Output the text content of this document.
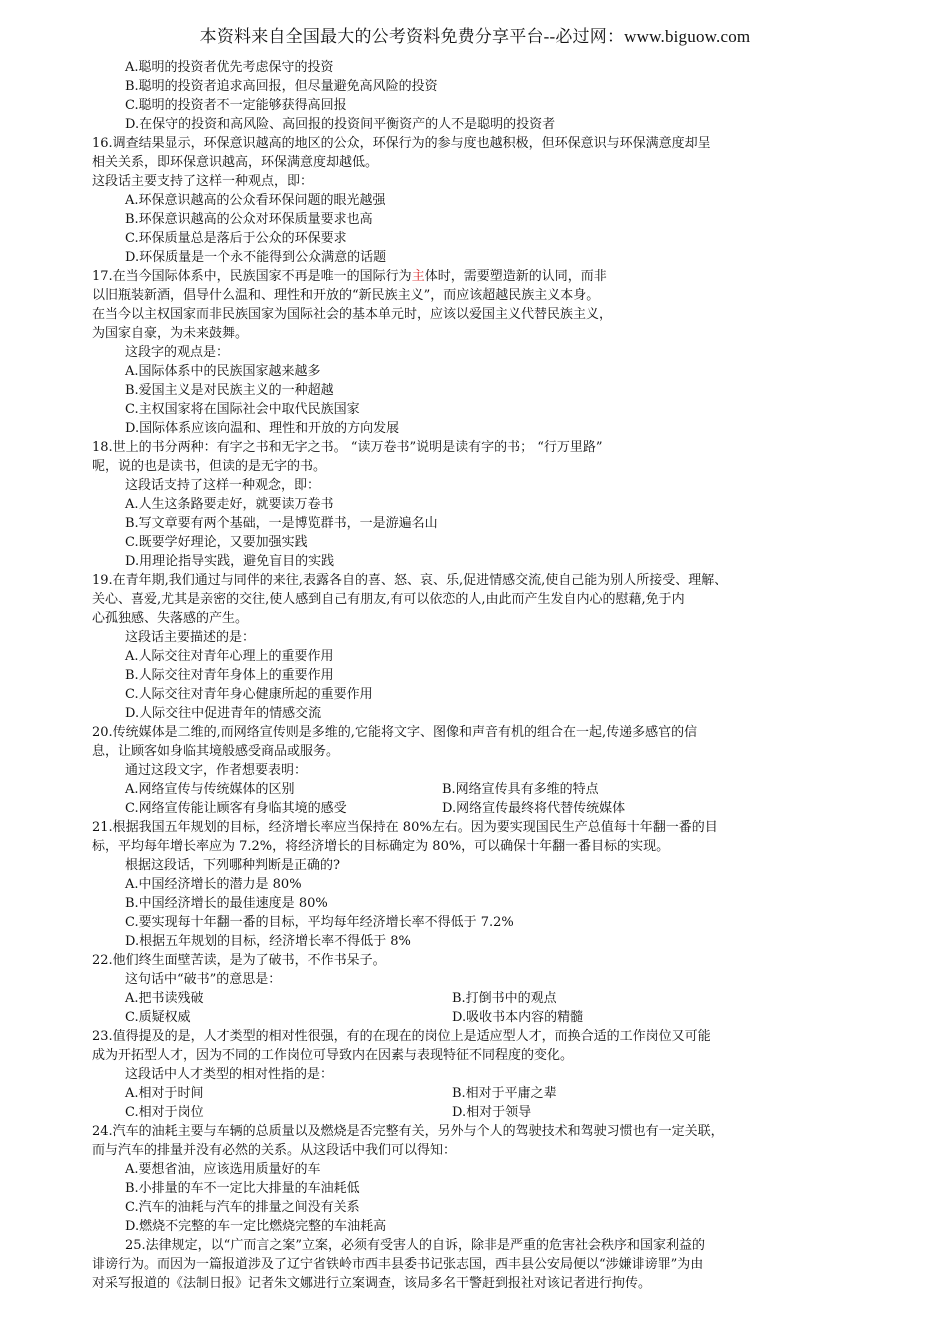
本资料来自全国最大的公考资料免费分享平台--必过网：www.biguow.com
A.聪明的投资者优先考虑保守的投资
B.聪明的投资者追求高回报，但尽量避免高风险的投资
C.聪明的投资者不一定能够获得高回报
D.在保守的投资和高风险、高回报的投资间平衡资产的人不是聪明的投资者
16.调查结果显示，环保意识越高的地区的公众，环保行为的参与度也越积极，但环保意识与环保满意度却呈
相关关系，即环保意识越高，环保满意度却越低。
这段话主要支持了这样一种观点，即：
A.环保意识越高的公众看环保问题的眼光越强
B.环保意识越高的公众对环保质量要求也高
C.环保质量总是落后于公众的环保要求
D.环保质量是一个永不能得到公众满意的话题
17.在当今国际体系中，民族国家不再是唯一的国际行为主体时，需要塑造新的认同，而非
以旧瓶装新酒，倡导什么温和、理性和开放的“新民族主义”，而应该超越民族主义本身。
在当今以主权国家而非民族国家为国际社会的基本单元时，应该以爱国主义代替民族主义，
为国家自豪，为未来鼓舞。
这段字的观点是：
A.国际体系中的民族国家越来越多
B.爱国主义是对民族主义的一种超越
C.主权国家将在国际社会中取代民族国家
D.国际体系应该向温和、理性和开放的方向发展
18.世上的书分两种：有字之书和无字之书。 “读万卷书”说明是读有字的书； “行万里路”
呢，说的也是读书，但读的是无字的书。
这段话支持了这样一种观念，即：
A.人生这条路要走好，就要读万卷书
B.写文章要有两个基础，一是博览群书，一是游遍名山
C.既要学好理论，又要加强实践
D.用理论指导实践，避免盲目的实践
19.在青年期,我们通过与同伴的来往,表露各自的喜、怒、哀、乐,促进情感交流,使自己能为别人所接受、理解、
关心、喜爱,尤其是亲密的交往,使人感到自己有朋友,有可以依恋的人,由此而产生发自内心的慰藉,免于内
心孤独感、失落感的产生。
这段话主要描述的是：
A.人际交往对青年心理上的重要作用
B.人际交往对青年身体上的重要作用
C.人际交往对青年身心健康所起的重要作用
D.人际交往中促进青年的情感交流
20.传统媒体是二维的,而网络宣传则是多维的,它能将文字、图像和声音有机的组合在一起,传递多感官的信
息，让顾客如身临其境般感受商品或服务。
通过这段文字，作者想要表明：
A.网络宣传与传统媒体的区别	B.网络宣传具有多维的特点
C.网络宣传能让顾客有身临其境的感受	D.网络宣传最终将代替传统媒体
21.根据我国五年规划的目标，经济增长率应当保持在 80%左右。因为要实现国民生产总值每十年翻一番的目
标，平均每年增长率应为 7.2%，将经济增长的目标确定为 80%，可以确保十年翻一番目标的实现。
根据这段话，下列哪种判断是正确的?
A.中国经济增长的潜力是 80%
B.中国经济增长的最佳速度是 80%
C.要实现每十年翻一番的目标，平均每年经济增长率不得低于 7.2%
D.根据五年规划的目标，经济增长率不得低于 8%
22.他们终生面壁苦读，是为了破书，不作书呆子。
这句话中“破书”的意思是：
A.把书读残破	B.打倒书中的观点
C.质疑权威	D.吸收书本内容的精髓
23.值得提及的是，人才类型的相对性很强，有的在现在的岗位上是适应型人才，而换合适的工作岗位又可能
成为开拓型人才，因为不同的工作岗位可导致内在因素与表现特征不同程度的变化。
这段话中人才类型的相对性指的是：
A.相对于时间	B.相对于平庸之辈
C.相对于岗位	D.相对于领导
24.汽车的油耗主要与车辆的总质量以及燃烧是否完整有关，另外与个人的驾驶技术和驾驶习惯也有一定关联，
而与汽车的排量并没有必然的关系。从这段话中我们可以得知：
A.要想省油，应该选用质量好的车
B.小排量的车不一定比大排量的车油耗低
C.汽车的油耗与汽车的排量之间没有关系
D.燃烧不完整的车一定比燃烧完整的车油耗高
25.法律规定，以“广而言之案”立案，必须有受害人的自诉，除非是严重的危害社会秩序和国家利益的
诽谤行为。而因为一篇报道涉及了辽宁省铁岭市西丰县委书记张志国，西丰县公安局便以“涉嫌诽谤罪”为由
对采写报道的《法制日报》记者朱文娜进行立案调查，该局多名干警赶到报社对该记者进行拘传。
